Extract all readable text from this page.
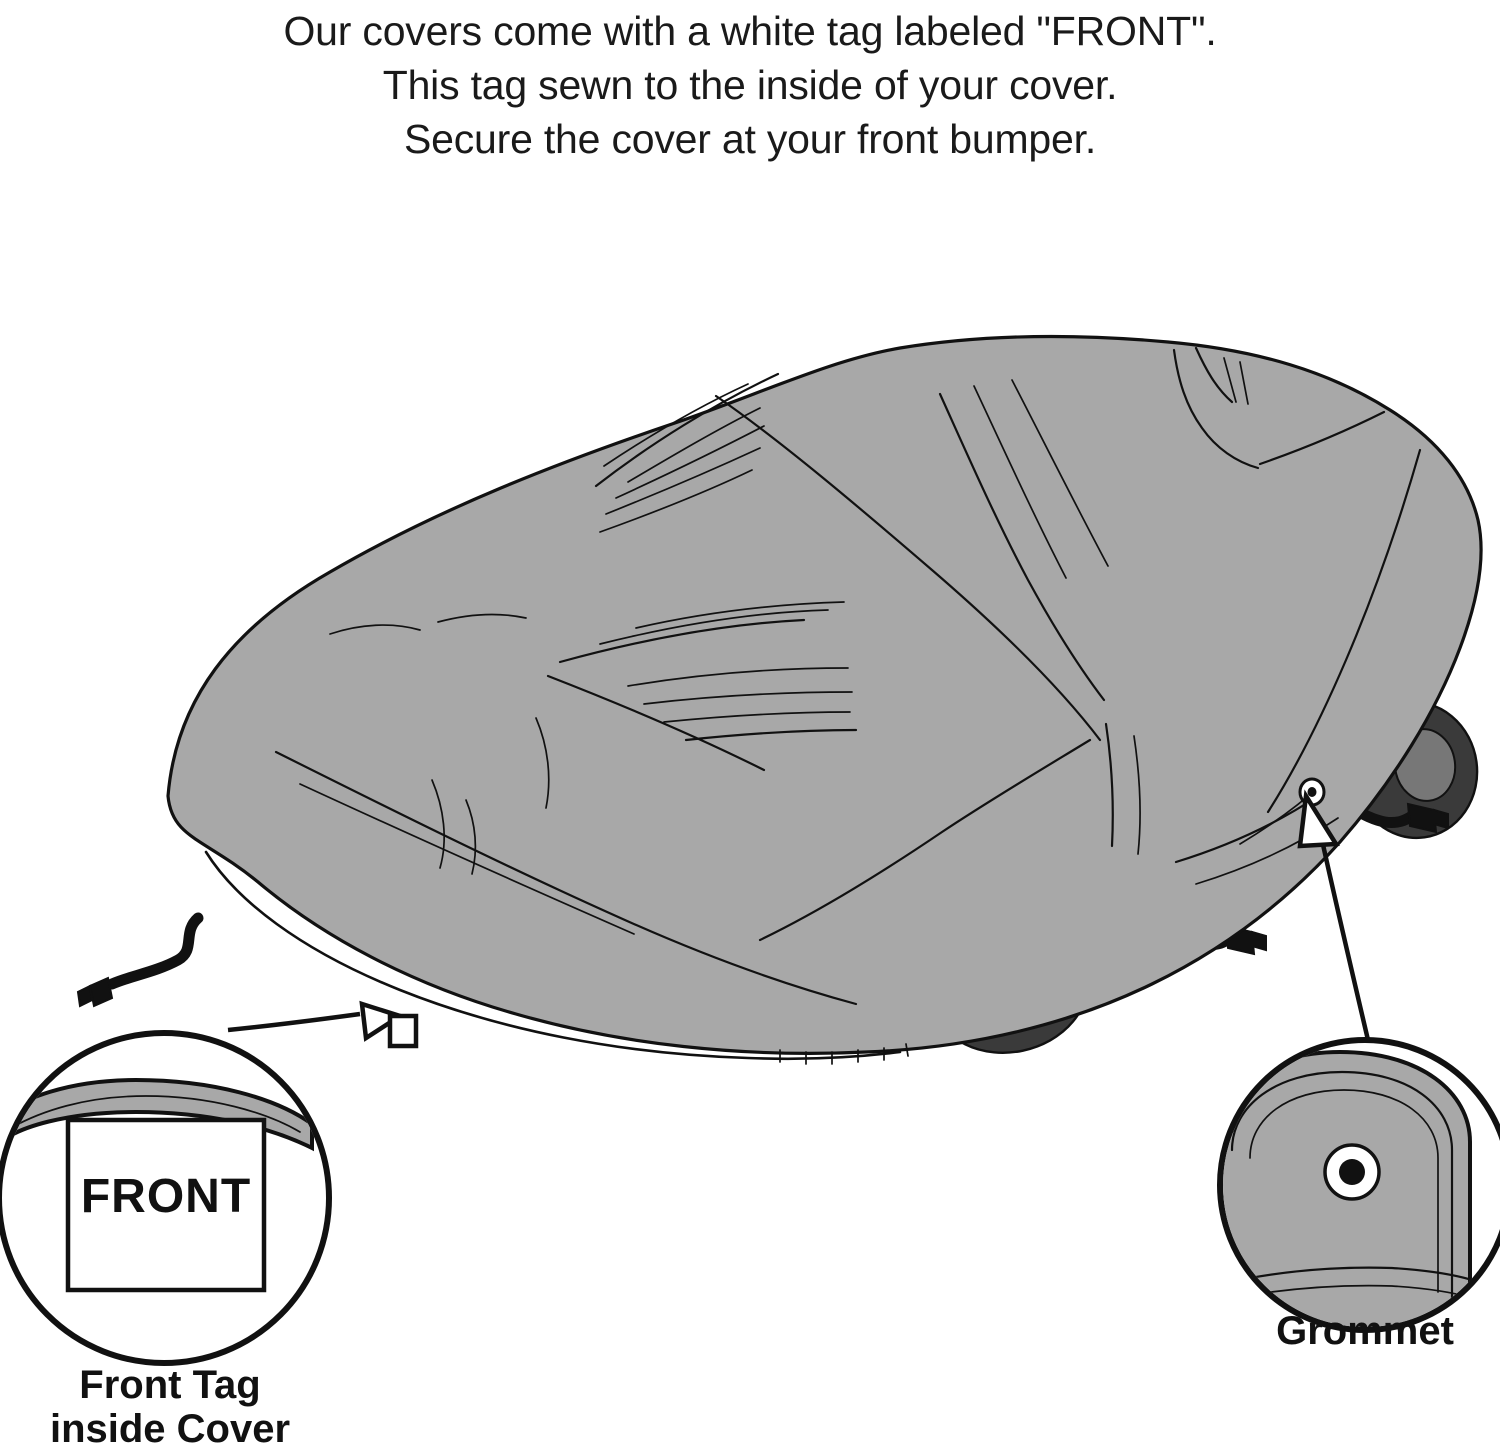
Our covers come with a white tag labeled "FRONT".
This tag sewn to the inside of your cover.
Secure the cover at your front bumper.
Grommet
FRONT
Front Tag
inside Cover
